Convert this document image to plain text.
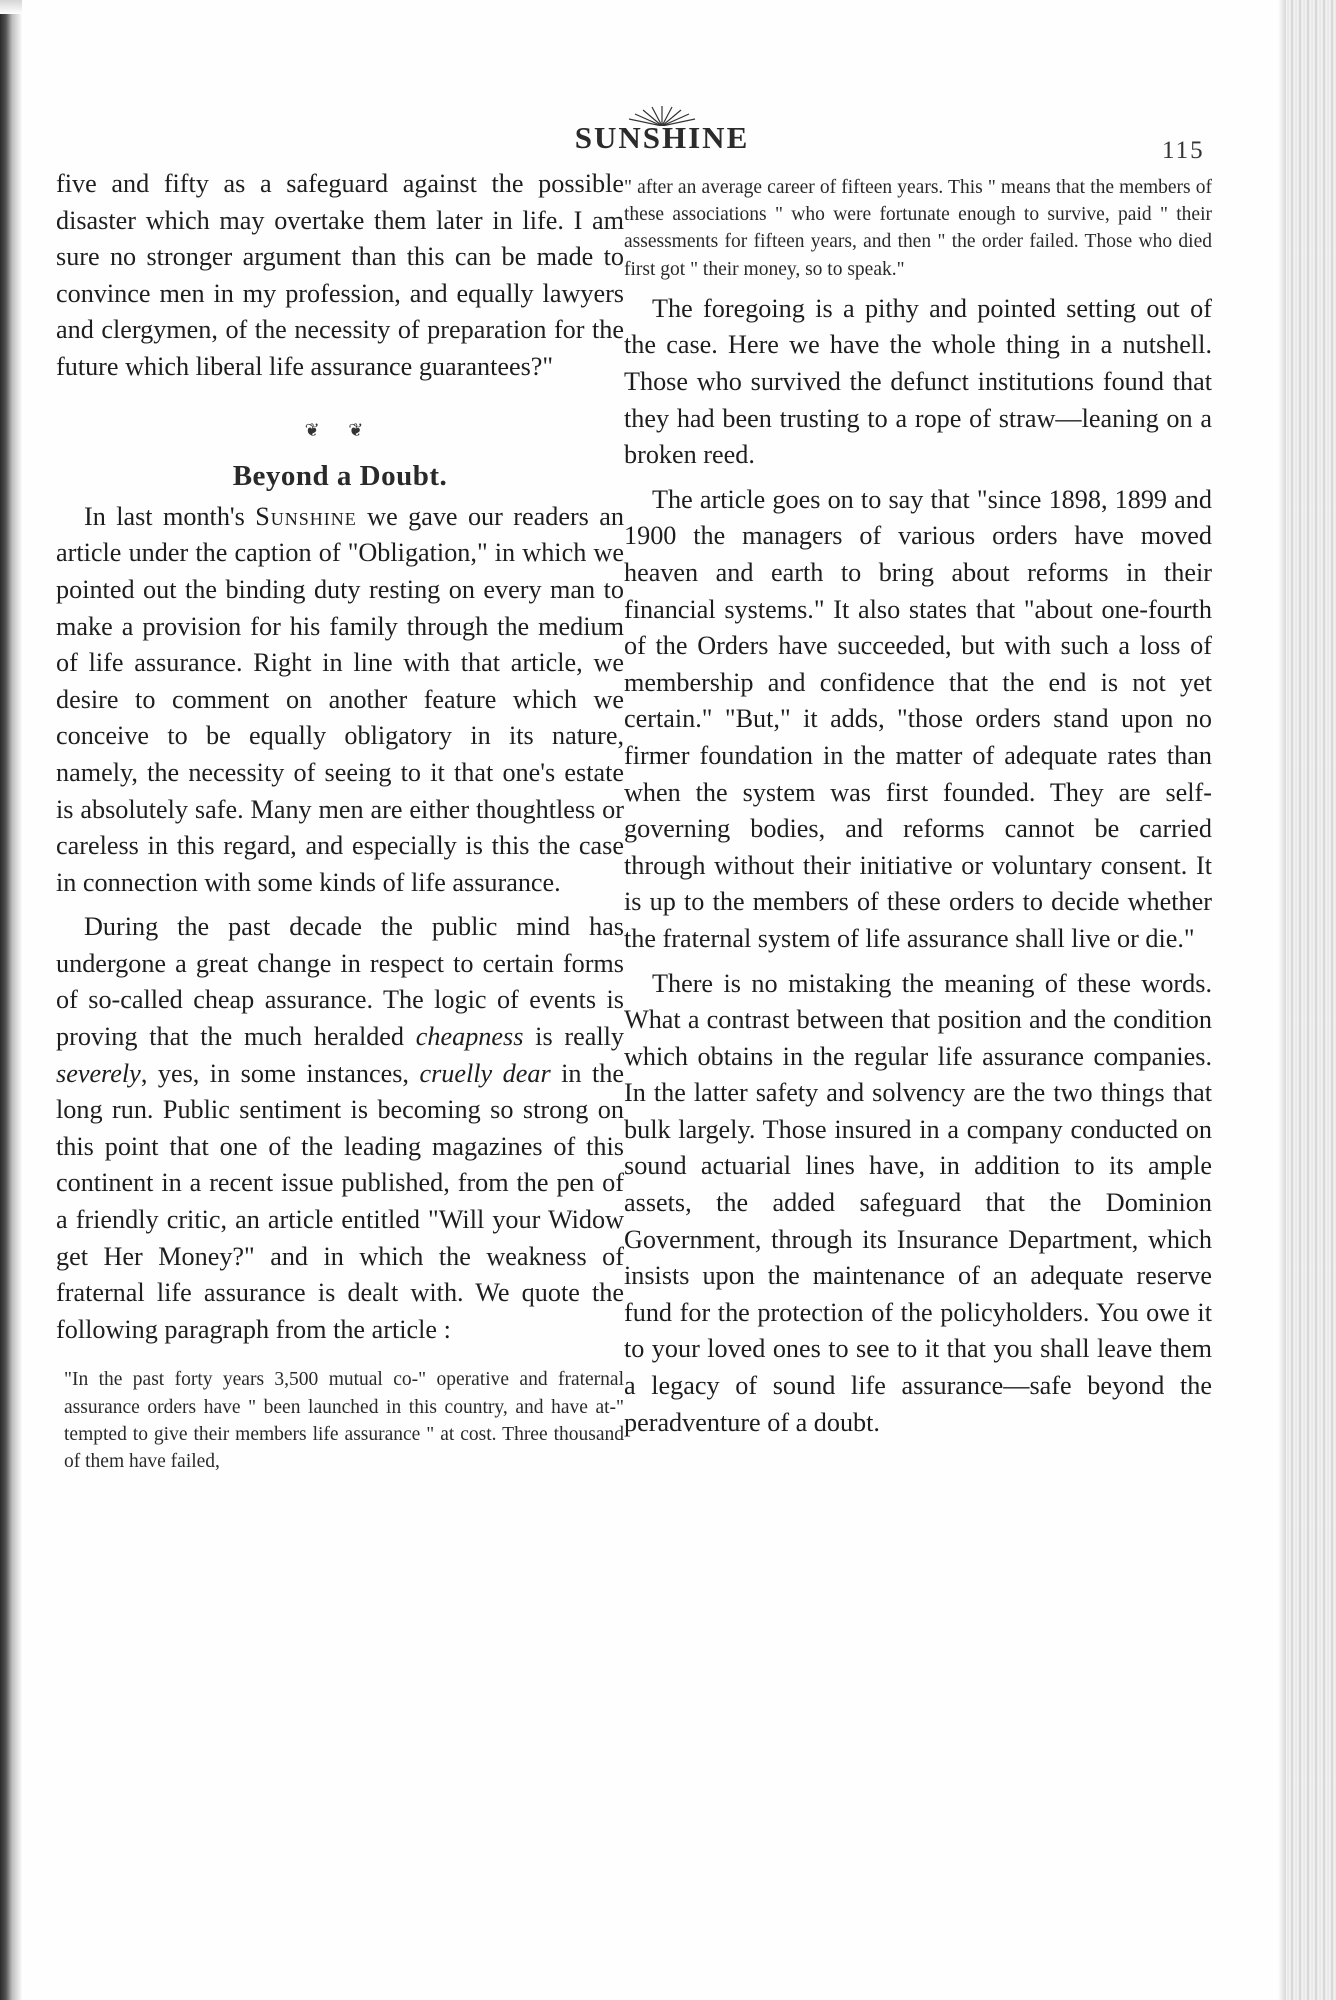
SUNSHINE	115

five and fifty as a safeguard against the possible disaster which may overtake them later in life. I am sure no stronger argument than this can be made to convince men in my profession, and equally lawyers and clergymen, of the necessity of preparation for the future which liberal life assurance guarantees?"

❦ ❦

Beyond a Doubt.

In last month's Sunshine we gave our readers an article under the caption of "Obligation," in which we pointed out the binding duty resting on every man to make a provision for his family through the medium of life assurance. Right in line with that article, we desire to comment on another feature which we conceive to be equally obligatory in its nature, namely, the necessity of seeing to it that one's estate is absolutely safe. Many men are either thoughtless or careless in this regard, and especially is this the case in connection with some kinds of life assurance.

During the past decade the public mind has undergone a great change in respect to certain forms of so-called cheap assurance. The logic of events is proving that the much heralded cheapness is really severely, yes, in some instances, cruelly dear in the long run. Public sentiment is becoming so strong on this point that one of the leading magazines of this continent in a recent issue published, from the pen of a friendly critic, an article entitled "Will your Widow get Her Money?" and in which the weakness of fraternal life assurance is dealt with. We quote the following paragraph from the article :

"In the past forty years 3,500 mutual co-" operative and fraternal assurance orders have " been launched in this country, and have at-" tempted to give their members life assurance " at cost. Three thousand of them have failed,

" after an average career of fifteen years. This " means that the members of these associations " who were fortunate enough to survive, paid " their assessments for fifteen years, and then " the order failed. Those who died first got " their money, so to speak."

The foregoing is a pithy and pointed setting out of the case. Here we have the whole thing in a nutshell. Those who survived the defunct institutions found that they had been trusting to a rope of straw—leaning on a broken reed.

The article goes on to say that "since 1898, 1899 and 1900 the managers of various orders have moved heaven and earth to bring about reforms in their financial systems." It also states that "about one-fourth of the Orders have succeeded, but with such a loss of membership and confidence that the end is not yet certain." "But," it adds, "those orders stand upon no firmer foundation in the matter of adequate rates than when the system was first founded. They are self-governing bodies, and reforms cannot be carried through without their initiative or voluntary consent. It is up to the members of these orders to decide whether the fraternal system of life assurance shall live or die."

There is no mistaking the meaning of these words. What a contrast between that position and the condition which obtains in the regular life assurance companies. In the latter safety and solvency are the two things that bulk largely. Those insured in a company conducted on sound actuarial lines have, in addition to its ample assets, the added safeguard that the Dominion Government, through its Insurance Department, which insists upon the maintenance of an adequate reserve fund for the protection of the policyholders. You owe it to your loved ones to see to it that you shall leave them a legacy of sound life assurance—safe beyond the peradventure of a doubt.
